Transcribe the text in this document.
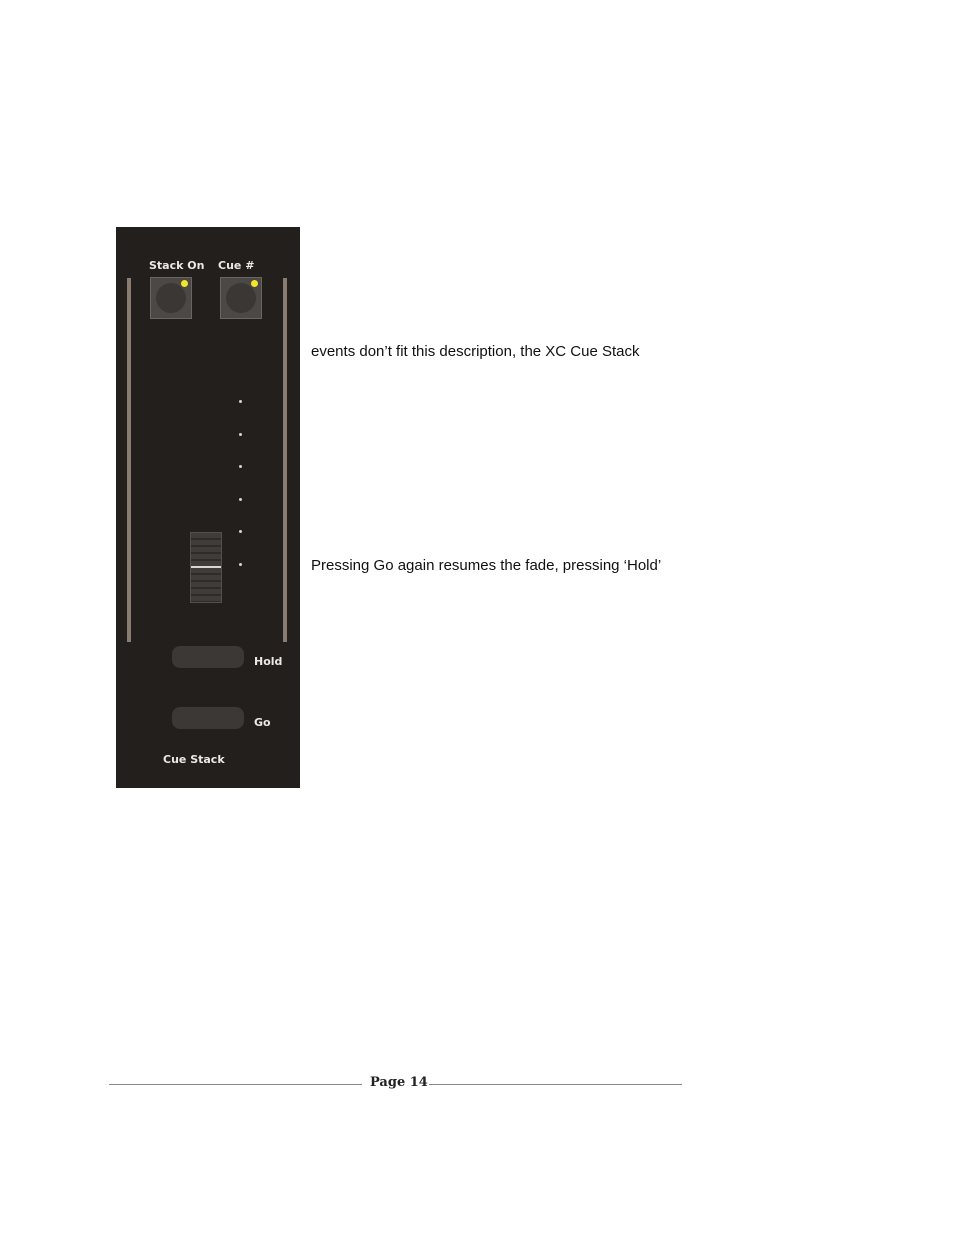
Stack On Cue #
Hold
Go
Cue Stack
events don’t fit this description, the XC Cue Stack
Pressing Go again resumes the fade, pressing ‘Hold’
Page 14
